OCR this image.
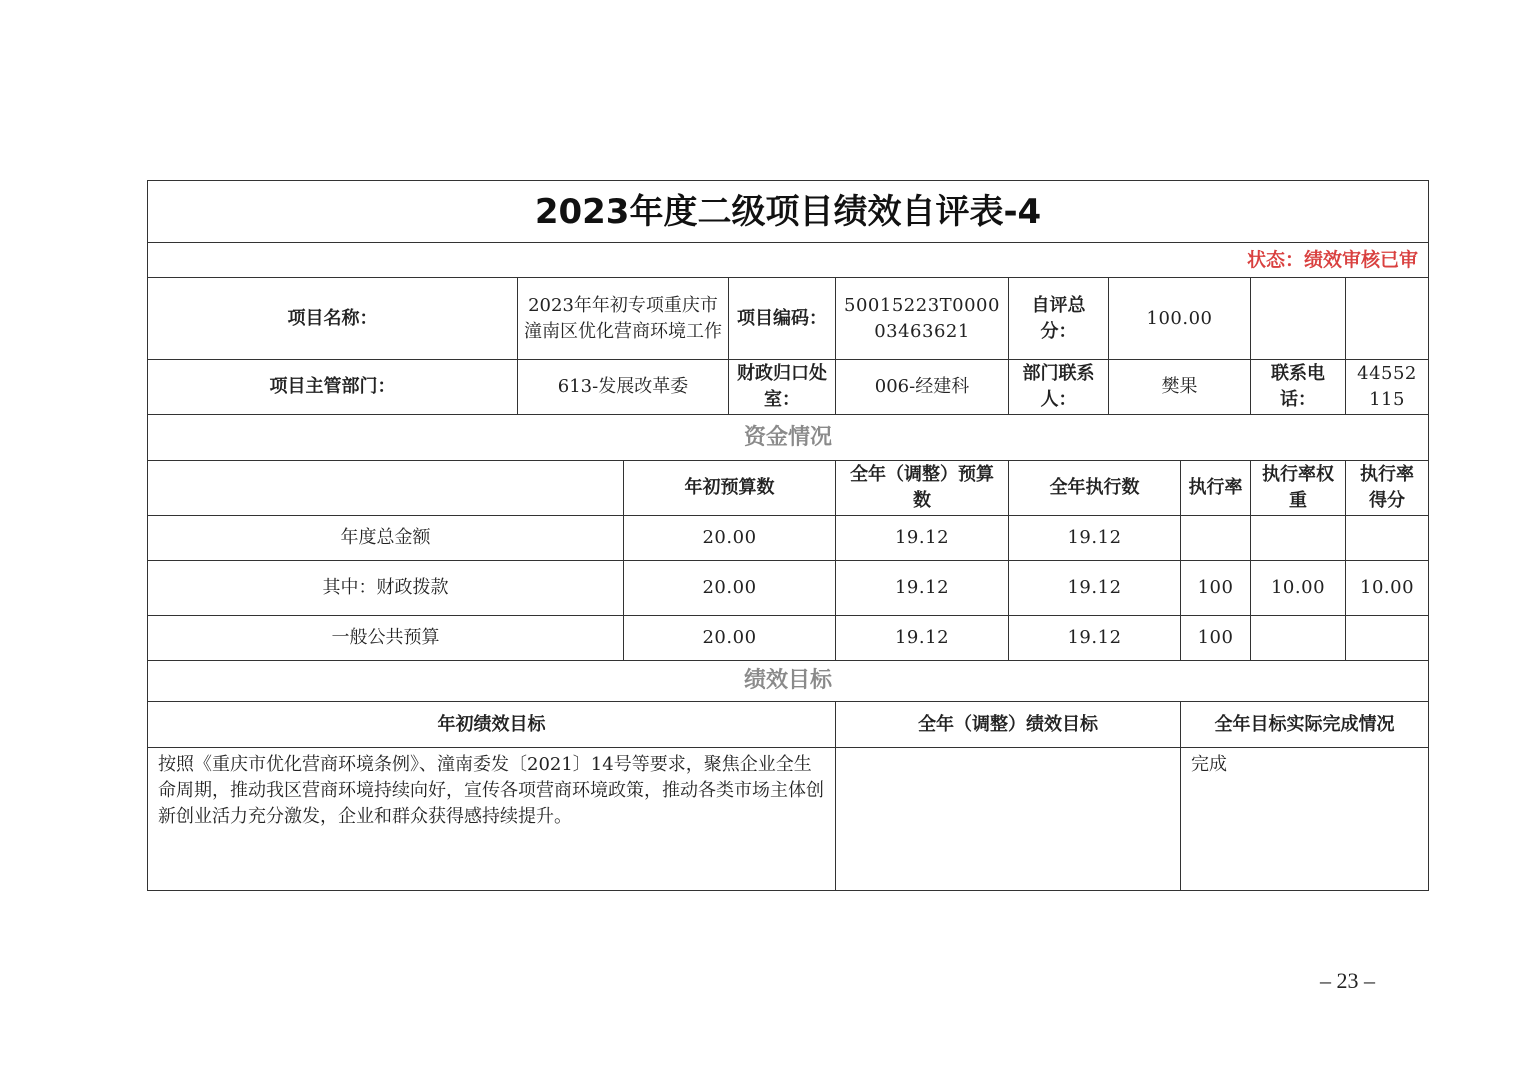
2023年度二级项目绩效自评表-4									
状态：绩效审核已审									
项目名称：	2023年年初专项重庆市潼南区优化营商环境工作		项目编码：	50015223T000003463621	自评总分：	100.00			
项目主管部门：	613-发展改革委		财政归口处室：	006-经建科	部门联系人：	樊果		联系电话：	44552115
资金情况									
		年初预算数		全年（调整）预算数	全年执行数		执行率	执行率权重	执行率得分
年度总金额		20.00		19.12	19.12				
其中：财政拨款		20.00		19.12	19.12		100	10.00	10.00
一般公共预算		20.00		19.12	19.12		100		
绩效目标									
年初绩效目标				全年（调整）绩效目标			全年目标实际完成情况		
按照《重庆市优化营商环境条例》、潼南委发〔2021〕14号等要求，聚焦企业全生命周期，推动我区营商环境持续向好，宣传各项营商环境政策，推动各类市场主体创新创业活力充分激发，企业和群众获得感持续提升。							完成		
– 23 –
